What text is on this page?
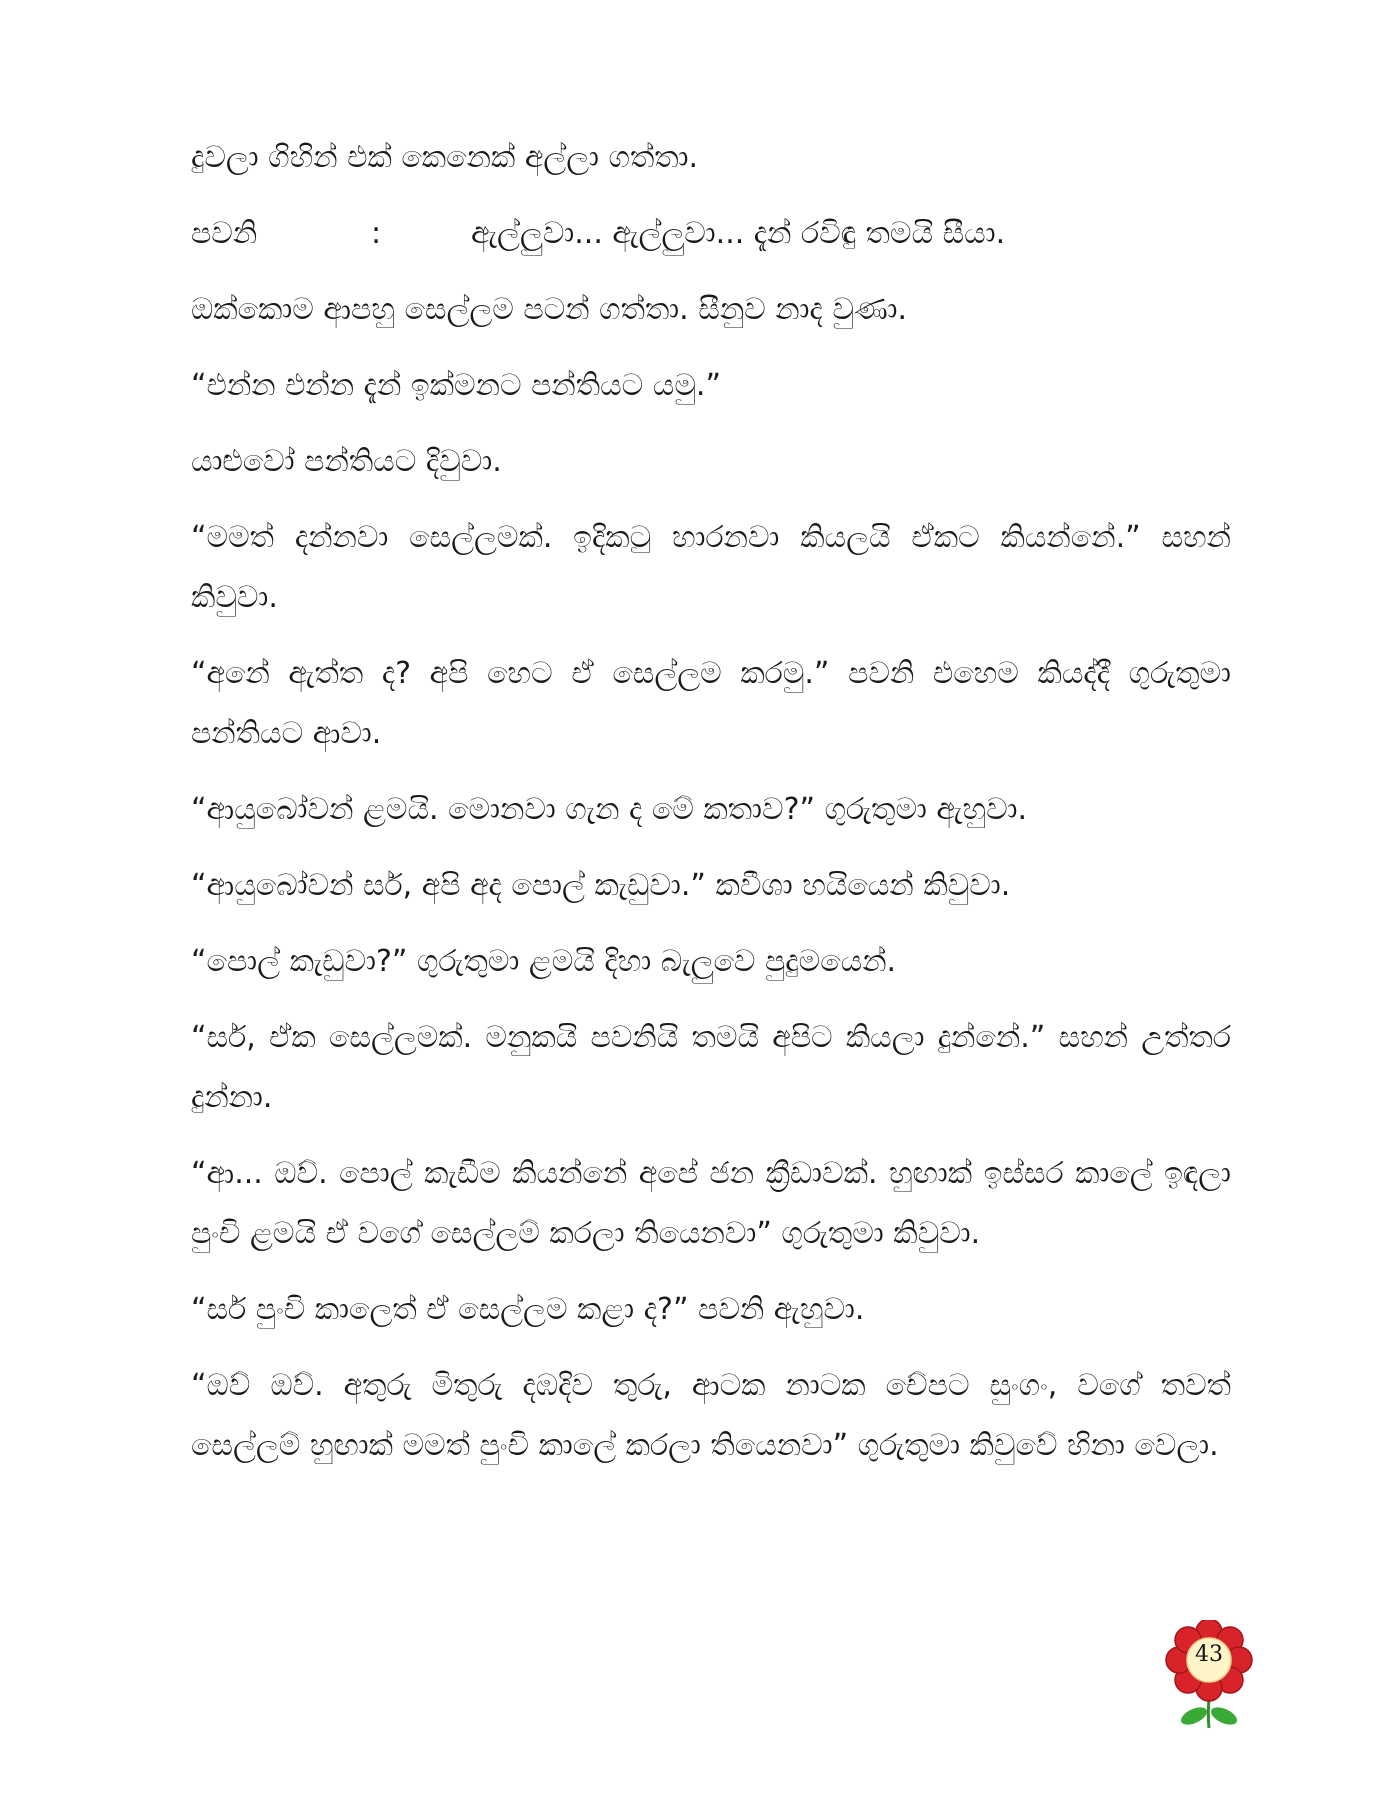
දුවලා ගිහින් එක් කෙනෙක් අල්ලා ගත්තා.

පවනි	:	ඇල්ලුවා... ඇල්ලුවා... දැන් රවිඳු තමයි සීයා.

ඔක්කොම ආපහු සෙල්ලම පටන් ගත්තා. සීනුව නාද වුණා.

“එන්න එන්න දැන් ඉක්මනට පන්තියට යමු.”

යාළුවෝ පන්තියට දිවුවා.

“මමත් දන්නවා සෙල්ලමක්. ඉදිකටු හාරනවා කියලයි ඒකට කියන්නේ.” සහන් කිවුවා.

“අනේ ඇත්ත ද? අපි හෙට ඒ සෙල්ලම කරමු.” පවනි එහෙම කියද්දී ගුරුතුමා පන්තියට ආවා.

“ආයුබෝවන් ළමයි. මොනවා ගැන ද මේ කතාව?” ගුරුතුමා ඇහුවා.

“ආයුබෝවන් සර්, අපි අද පොල් කැඩුවා.” කවීශා හයියෙන් කිවුවා.

“පොල් කැඩුවා?” ගුරුතුමා ළමයි දිහා බැලුවෙ පුදුමයෙන්.

“සර්, ඒක සෙල්ලමක්. මනුකයි පවනියි තමයි අපිට කියලා දුන්නේ.” සහන් උත්තර දුන්නා.

“ආ... ඔව්. පොල් කැඩීම කියන්නේ අපේ ජන ක්‍රීඩාවක්. හුඟාක් ඉස්සර කාලේ ඉඳලා පුංචි ළමයි ඒ වගේ සෙල්ලම් කරලා තියෙනවා” ගුරුතුමා කිවුවා.

“සර් පුංචි කාලෙත් ඒ සෙල්ලම කළා ද?” පවනි ඇහුවා.

“ඔව් ඔව්. අතුරු මිතුරු දඹදිව තුරු, ආටක නාටක චේපට සුංගං, වගේ තවත් සෙල්ලම් හුඟාක් මමත් පුංචි කාලේ කරලා තියෙනවා” ගුරුතුමා කිවුවේ හිනා වෙලා.

43
